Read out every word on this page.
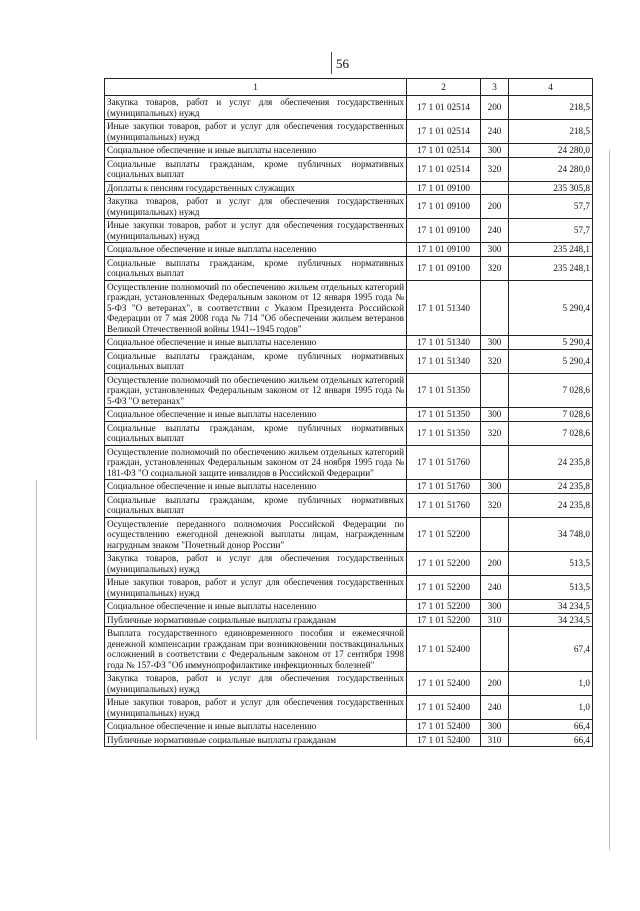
56
1	2	3	4
Закупка товаров, работ и услуг для обеспечения государственных (муниципальных) нужд	17 1 01 02514	200	218,5
Иные закупки товаров, работ и услуг для обеспечения государственных (муниципальных) нужд	17 1 01 02514	240	218,5
Социальное обеспечение и иные выплаты населению	17 1 01 02514	300	24 280,0
Социальные выплаты гражданам, кроме публичных нормативных социальных выплат	17 1 01 02514	320	24 280,0
Доплаты к пенсиям государственных служащих	17 1 01 09100		235 305,8
Закупка товаров, работ и услуг для обеспечения государственных (муниципальных) нужд	17 1 01 09100	200	57,7
Иные закупки товаров, работ и услуг для обеспечения государственных (муниципальных) нужд	17 1 01 09100	240	57,7
Социальное обеспечение и иные выплаты населению	17 1 01 09100	300	235 248,1
Социальные выплаты гражданам, кроме публичных нормативных социальных выплат	17 1 01 09100	320	235 248,1
Осуществление полномочий по обеспечению жильем отдельных категорий граждан, установленных Федеральным законом от 12 января 1995 года № 5-ФЗ "О ветеранах", в соответствии с Указом Президента Российской Федерации от 7 мая 2008 года № 714 "Об обеспечении жильем ветеранов Великой Отечественной войны 1941--1945 годов"	17 1 01 51340		5 290,4
Социальное обеспечение и иные выплаты населению	17 1 01 51340	300	5 290,4
Социальные выплаты гражданам, кроме публичных нормативных социальных выплат	17 1 01 51340	320	5 290,4
Осуществление полномочий по обеспечению жильем отдельных категорий граждан, установленных Федеральным законом от 12 января 1995 года № 5-ФЗ "О ветеранах"	17 1 01 51350		7 028,6
Социальное обеспечение и иные выплаты населению	17 1 01 51350	300	7 028,6
Социальные выплаты гражданам, кроме публичных нормативных социальных выплат	17 1 01 51350	320	7 028,6
Осуществление полномочий по обеспечению жильем отдельных категорий граждан, установленных Федеральным законом от 24 ноября 1995 года № 181-ФЗ "О социальной защите инвалидов в Российской Федерации"	17 1 01 51760		24 235,8
Социальное обеспечение и иные выплаты населению	17 1 01 51760	300	24 235,8
Социальные выплаты гражданам, кроме публичных нормативных социальных выплат	17 1 01 51760	320	24 235,8
Осуществление переданного полномочия Российской Федерации по осуществлению ежегодной денежной выплаты лицам, награжденным нагрудным знаком "Почетный донор России"	17 1 01 52200		34 748,0
Закупка товаров, работ и услуг для обеспечения государственных (муниципальных) нужд	17 1 01 52200	200	513,5
Иные закупки товаров, работ и услуг для обеспечения государственных (муниципальных) нужд	17 1 01 52200	240	513,5
Социальное обеспечение и иные выплаты населению	17 1 01 52200	300	34 234,5
Публичные нормативные социальные выплаты гражданам	17 1 01 52200	310	34 234,5
Выплата государственного единовременного пособия и ежемесячной денежной компенсации гражданам при возникновении поствакцинальных осложнений в соответствии с Федеральным законом от 17 сентября 1998 года № 157-ФЗ "Об иммунопрофилактике инфекционных болезней"	17 1 01 52400		67,4
Закупка товаров, работ и услуг для обеспечения государственных (муниципальных) нужд	17 1 01 52400	200	1,0
Иные закупки товаров, работ и услуг для обеспечения государственных (муниципальных) нужд	17 1 01 52400	240	1,0
Социальное обеспечение и иные выплаты населению	17 1 01 52400	300	66,4
Публичные нормативные социальные выплаты гражданам	17 1 01 52400	310	66,4
